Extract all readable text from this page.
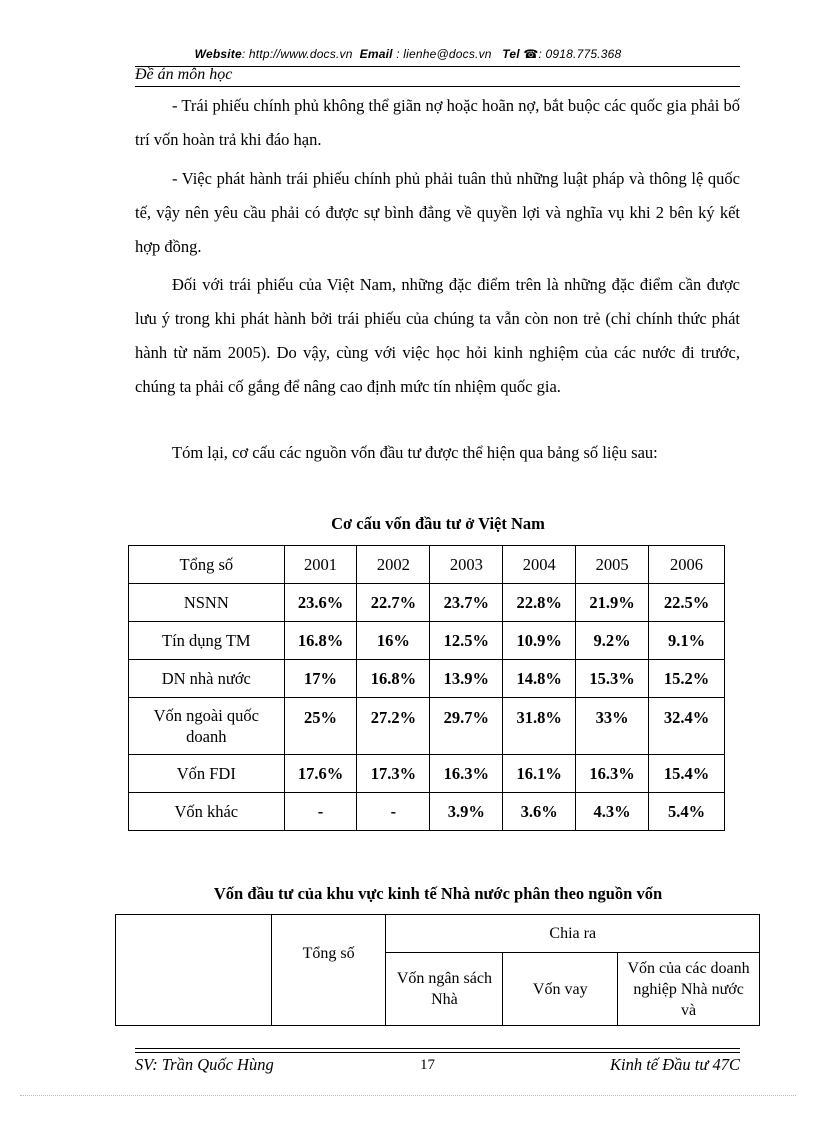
Website: http://www.docs.vn Email : lienhe@docs.vn Tel ☎: 0918.775.368
Đề án môn học

- Trái phiếu chính phủ không thể giãn nợ hoặc hoãn nợ, bắt buộc các quốc gia phải bố trí vốn hoàn trả khi đáo hạn.

- Việc phát hành trái phiếu chính phủ phải tuân thủ những luật pháp và thông lệ quốc tế, vậy nên yêu cầu phải có được sự bình đẳng về quyền lợi và nghĩa vụ khi 2 bên ký kết hợp đồng.

Đối với trái phiếu của Việt Nam, những đặc điểm trên là những đặc điểm cần được lưu ý trong khi phát hành bởi trái phiếu của chúng ta vẫn còn non trẻ (chỉ chính thức phát hành từ năm 2005). Do vậy, cùng với việc học hỏi kinh nghiệm của các nước đi trước, chúng ta phải cố gắng để nâng cao định mức tín nhiệm quốc gia.

Tóm lại, cơ cấu các nguồn vốn đầu tư được thể hiện qua bảng số liệu sau:

Cơ cấu vốn đầu tư ở Việt Nam
Tổng số	2001	2002	2003	2004	2005	2006
NSNN	23.6%	22.7%	23.7%	22.8%	21.9%	22.5%
Tín dụng TM	16.8%	16%	12.5%	10.9%	9.2%	9.1%
DN nhà nước	17%	16.8%	13.9%	14.8%	15.3%	15.2%
Vốn ngoài quốc doanh	25%	27.2%	29.7%	31.8%	33%	32.4%
Vốn FDI	17.6%	17.3%	16.3%	16.1%	16.3%	15.4%
Vốn khác	-	-	3.9%	3.6%	4.3%	5.4%
Vốn đầu tư của khu vực kinh tế Nhà nước phân theo nguồn vốn
	Tổng số	Chia ra		
		Vốn ngân sách Nhà	Vốn vay	Vốn của các doanh nghiệp Nhà nước và
SV: Trần Quốc Hùng	17	Kinh tế Đầu tư 47C
